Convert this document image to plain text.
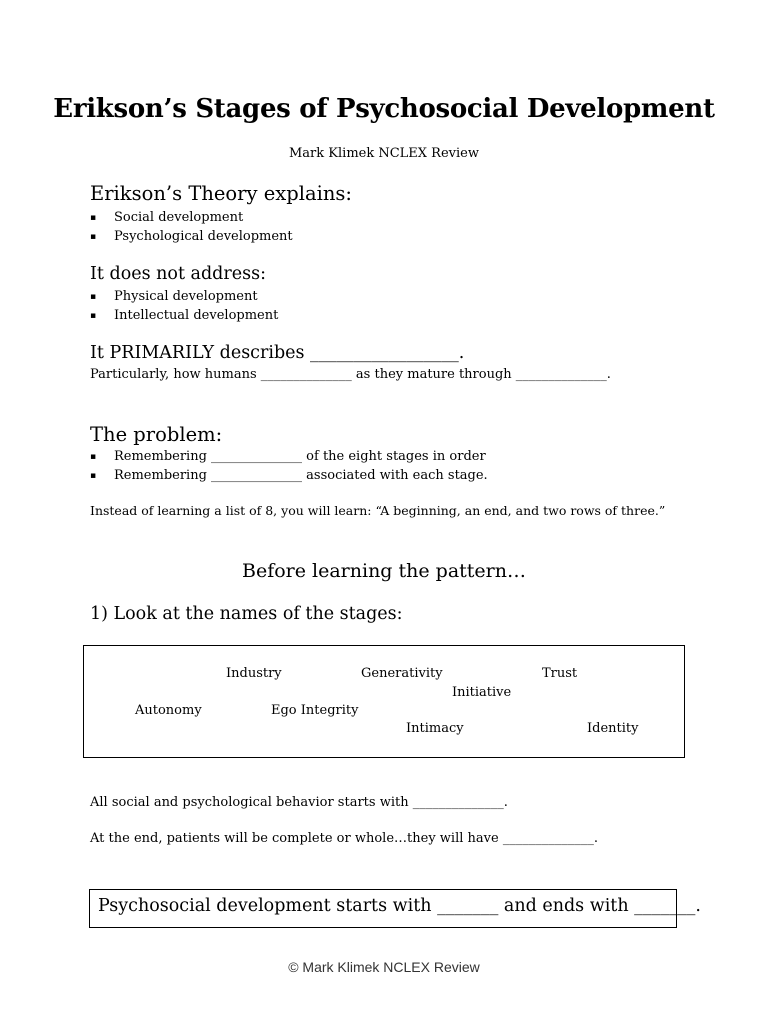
Erikson’s Stages of Psychosocial Development
Mark Klimek NCLEX Review
Erikson’s Theory explains:
▪ Social development
▪ Psychological development
It does not address:
▪ Physical development
▪ Intellectual development
It PRIMARILY describes _________________.
Particularly, how humans ______________ as they mature through ______________.
The problem:
▪ Remembering ______________ of the eight stages in order
▪ Remembering ______________ associated with each stage.
Instead of learning a list of 8, you will learn: “A beginning, an end, and two rows of three.”
Before learning the pattern…
1) Look at the names of the stages:
Industry	Generativity	Trust
Initiative
Autonomy	Ego Integrity
Intimacy	Identity
All social and psychological behavior starts with ______________.
At the end, patients will be complete or whole…they will have ______________.
Psychosocial development starts with _______ and ends with _______.
© Mark Klimek NCLEX Review
